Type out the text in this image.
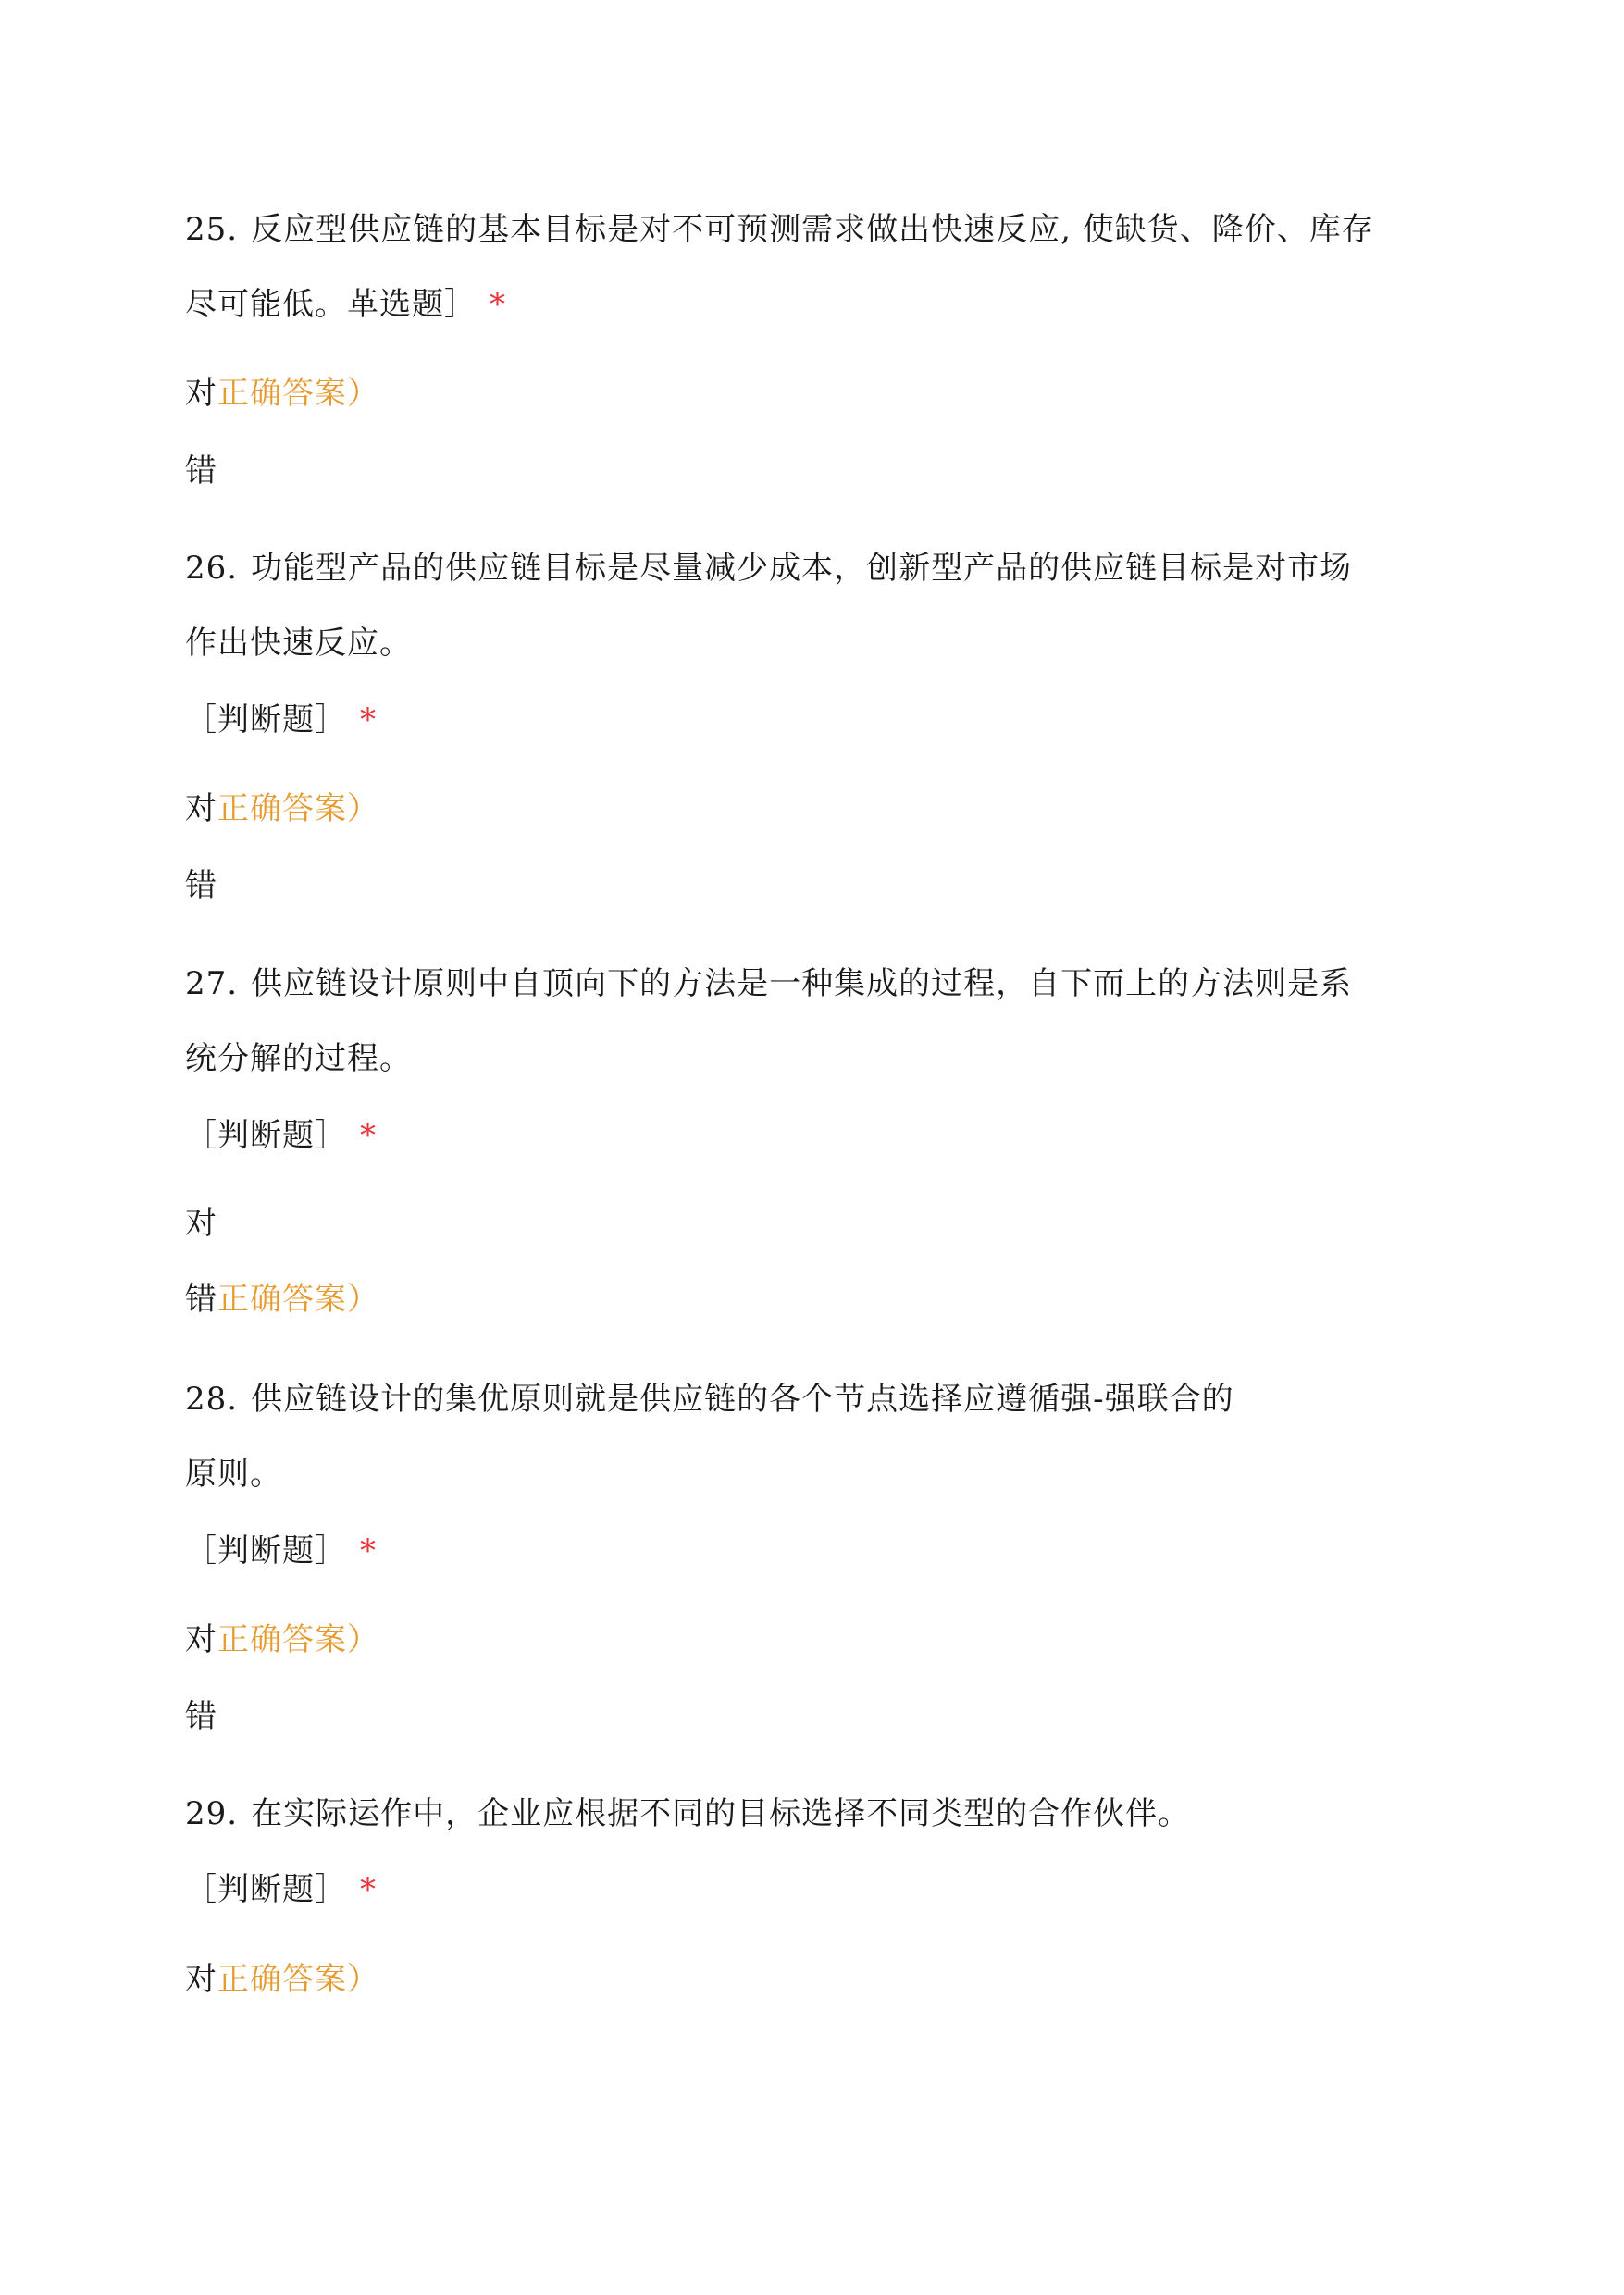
25. 反应型供应链的基本目标是对不可预测需求做出快速反应, 使缺货、降价、库存
尽可能低。革选题］ *
对正确答案）
错
26. 功能型产品的供应链目标是尽量减少成本，创新型产品的供应链目标是对市场
作出快速反应。
［判断题］ *
对正确答案）
错
27. 供应链设计原则中自顶向下的方法是一种集成的过程，自下而上的方法则是系
统分解的过程。
［判断题］ *
对
错正确答案）
28. 供应链设计的集优原则就是供应链的各个节点选择应遵循强-强联合的
原则。
［判断题］ *
对正确答案）
错
29. 在实际运作中，企业应根据不同的目标选择不同类型的合作伙伴。
［判断题］ *
对正确答案）
